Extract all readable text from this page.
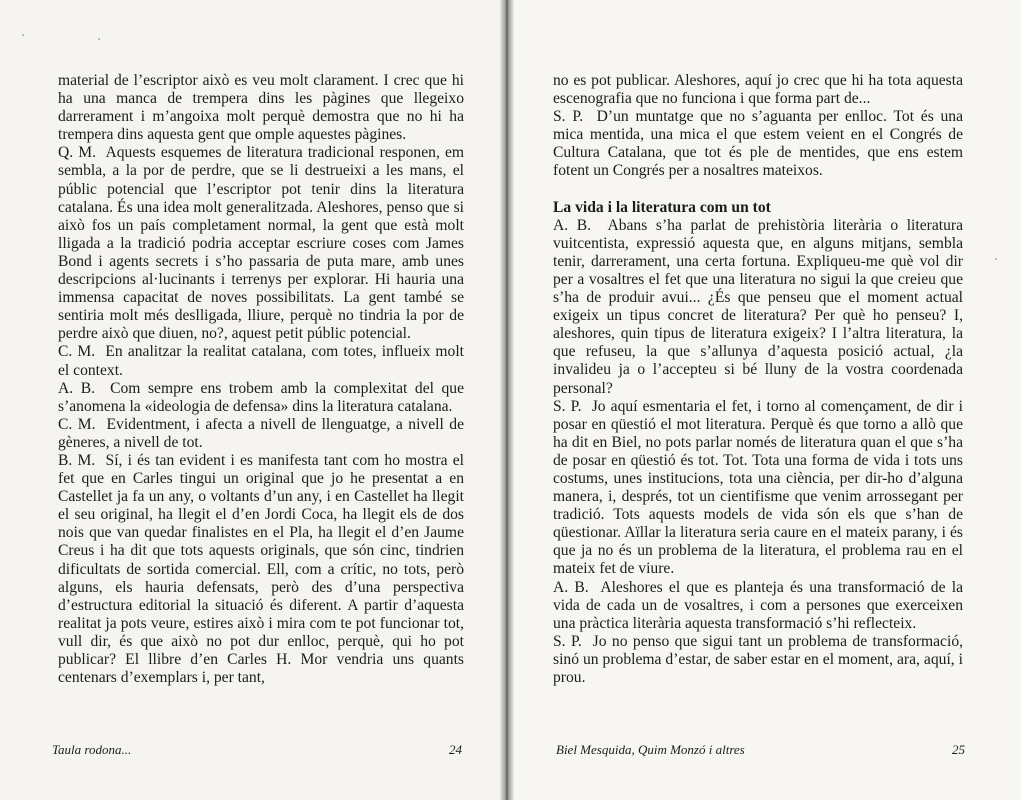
material de l’escriptor això es veu molt clarament. I crec que hi ha una manca de trempera dins les pàgines que llegeixo darrerament i m’angoixa molt perquè demostra que no hi ha trempera dins aquesta gent que omple aquestes pàgines.

Q. M. Aquests esquemes de literatura tradicional responen, em sembla, a la por de perdre, que se li destrueixi a les mans, el públic potencial que l’escriptor pot tenir dins la literatura catalana. És una idea molt generalitzada. Aleshores, penso que si això fos un país completament normal, la gent que està molt lligada a la tradició podria acceptar escriure coses com James Bond i agents secrets i s’ho passaria de puta mare, amb unes descripcions al·lucinants i terrenys per explorar. Hi hauria una immensa capacitat de noves possibilitats. La gent també se sentiria molt més deslligada, lliure, perquè no tindria la por de perdre això que diuen, no?, aquest petit públic potencial.

C. M. En analitzar la realitat catalana, com totes, influeix molt el context.

A. B. Com sempre ens trobem amb la complexitat del que s’anomena la «ideologia de defensa» dins la literatura catalana.

C. M. Evidentment, i afecta a nivell de llenguatge, a nivell de gèneres, a nivell de tot.

B. M. Sí, i és tan evident i es manifesta tant com ho mostra el fet que en Carles tingui un original que jo he presentat a en Castellet ja fa un any, o voltants d’un any, i en Castellet ha llegit el seu original, ha llegit el d’en Jordi Coca, ha llegit els de dos nois que van quedar finalistes en el Pla, ha llegit el d’en Jaume Creus i ha dit que tots aquests originals, que són cinc, tindrien dificultats de sortida comercial. Ell, com a crític, no tots, però alguns, els hauria defensats, però des d’una perspectiva d’estructura editorial la situació és diferent. A partir d’aquesta realitat ja pots veure, estires això i mira com te pot funcionar tot, vull dir, és que això no pot dur enlloc, perquè, qui ho pot publicar? El llibre d’en Carles H. Mor vendria uns quants centenars d’exemplars i, per tant,

Taula rodona...	24

no es pot publicar. Aleshores, aquí jo crec que hi ha tota aquesta escenografia que no funciona i que forma part de...

S. P. D’un muntatge que no s’aguanta per enlloc. Tot és una mica mentida, una mica el que estem veient en el Congrés de Cultura Catalana, que tot és ple de mentides, que ens estem fotent un Congrés per a nosaltres mateixos.

La vida i la literatura com un tot

A. B. Abans s’ha parlat de prehistòria literària o literatura vuitcentista, expressió aquesta que, en alguns mitjans, sembla tenir, darrerament, una certa fortuna. Expliqueu-me què vol dir per a vosaltres el fet que una literatura no sigui la que creieu que s’ha de produir avui... ¿És que penseu que el moment actual exigeix un tipus concret de literatura? Per què ho penseu? I, aleshores, quin tipus de literatura exigeix? I l’altra literatura, la que refuseu, la que s’allunya d’aquesta posició actual, ¿la invalideu ja o l’accepteu si bé lluny de la vostra coordenada personal?

S. P. Jo aquí esmentaria el fet, i torno al començament, de dir i posar en qüestió el mot literatura. Perquè és que torno a allò que ha dit en Biel, no pots parlar només de literatura quan el que s’ha de posar en qüestió és tot. Tot. Tota una forma de vida i tots uns costums, unes institucions, tota una ciència, per dir-ho d’alguna manera, i, després, tot un cientifisme que venim arrossegant per tradició. Tots aquests models de vida són els que s’han de qüestionar. Aïllar la literatura seria caure en el mateix parany, i és que ja no és un problema de la literatura, el problema rau en el mateix fet de viure.

A. B. Aleshores el que es planteja és una transformació de la vida de cada un de vosaltres, i com a persones que exerceixen una pràctica literària aquesta transformació s’hi reflecteix.

S. P. Jo no penso que sigui tant un problema de transformació, sinó un problema d’estar, de saber estar en el moment, ara, aquí, i prou.

Biel Mesquida, Quim Monzó i altres	25
